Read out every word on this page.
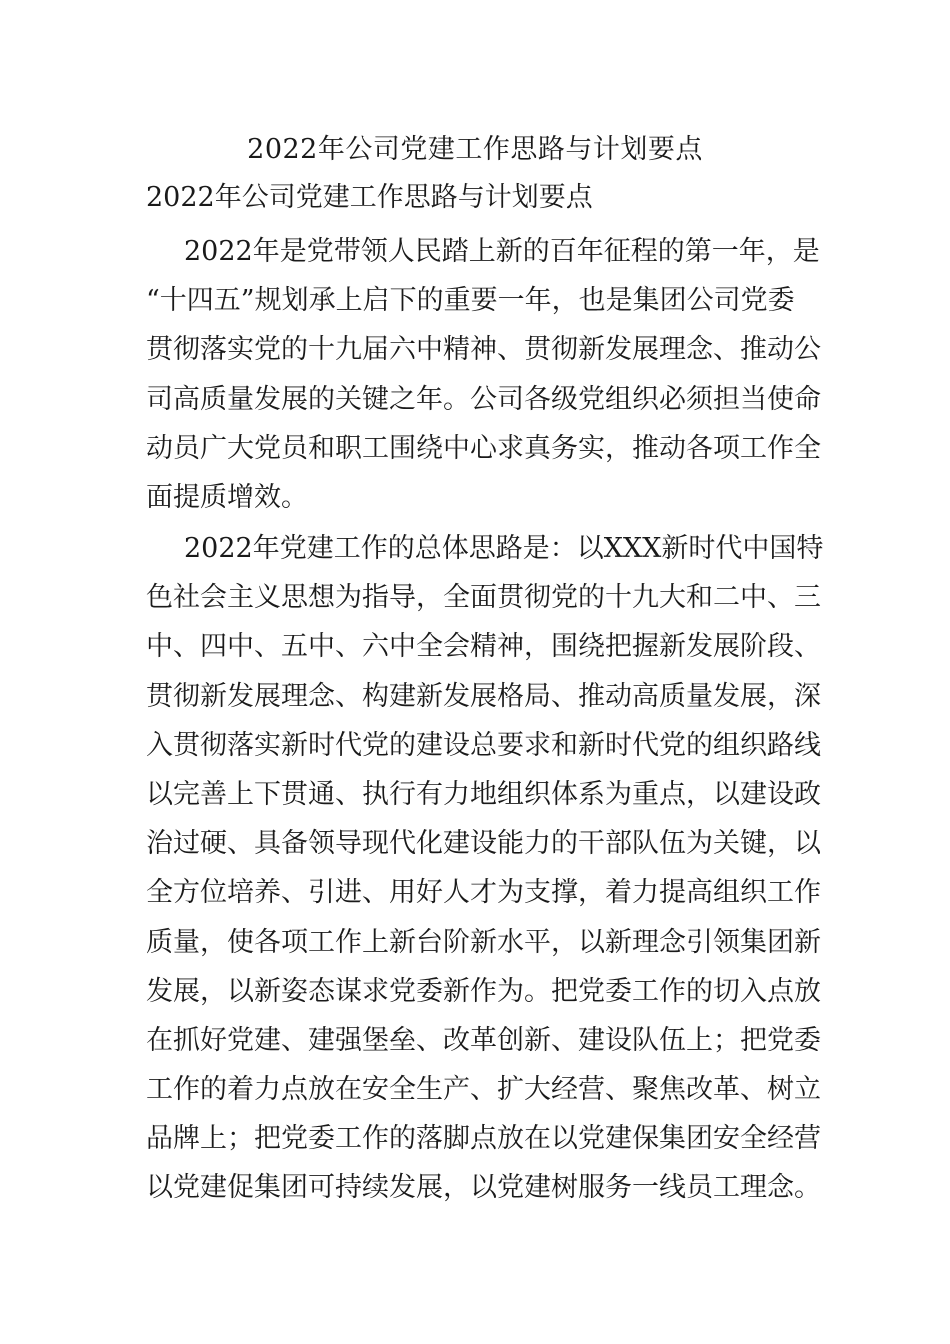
2022年公司党建工作思路与计划要点
2022年公司党建工作思路与计划要点
2022年是党带领人民踏上新的百年征程的第一年，是
“十四五”规划承上启下的重要一年，也是集团公司党委
贯彻落实党的十九届六中精神、贯彻新发展理念、推动公
司高质量发展的关键之年。公司各级党组织必须担当使命
动员广大党员和职工围绕中心求真务实，推动各项工作全
面提质增效。
2022年党建工作的总体思路是：以XXX新时代中国特
色社会主义思想为指导，全面贯彻党的十九大和二中、三
中、四中、五中、六中全会精神，围绕把握新发展阶段、
贯彻新发展理念、构建新发展格局、推动高质量发展，深
入贯彻落实新时代党的建设总要求和新时代党的组织路线
以完善上下贯通、执行有力地组织体系为重点，以建设政
治过硬、具备领导现代化建设能力的干部队伍为关键，以
全方位培养、引进、用好人才为支撑，着力提高组织工作
质量，使各项工作上新台阶新水平，以新理念引领集团新
发展，以新姿态谋求党委新作为。把党委工作的切入点放
在抓好党建、建强堡垒、改革创新、建设队伍上；把党委
工作的着力点放在安全生产、扩大经营、聚焦改革、树立
品牌上；把党委工作的落脚点放在以党建保集团安全经营
以党建促集团可持续发展，以党建树服务一线员工理念。
